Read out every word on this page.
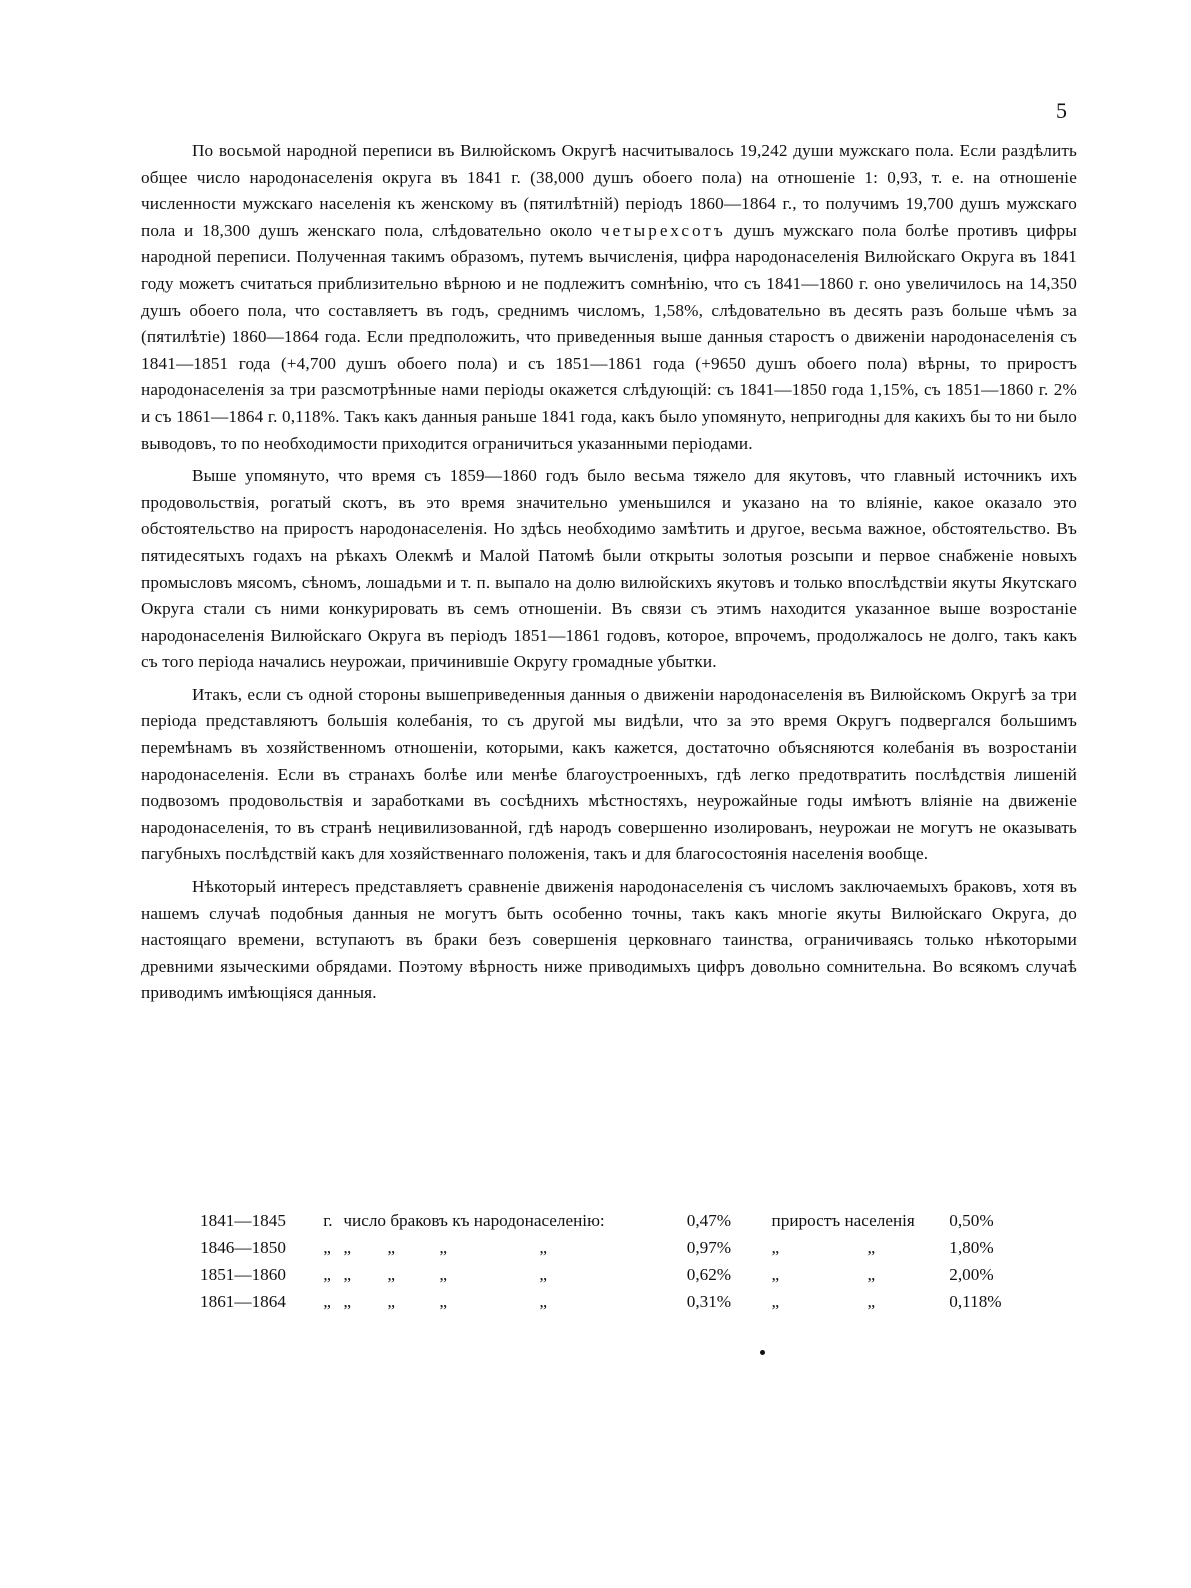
5

По восьмой народной переписи въ Вилюйскомъ Округѣ насчитывалось 19,242 души мужскаго пола. Если раздѣлить общее число народонаселенія округа въ 1841 г. (38,000 душъ обоего пола) на отношеніе 1: 0,93, т. е. на отношеніе численности мужскаго населенія къ женскому въ (пятилѣтній) періодъ 1860—1864 г., то получимъ 19,700 душъ мужскаго пола и 18,300 душъ женскаго пола, слѣдовательно около четырехсотъ душъ мужскаго пола болѣе противъ цифры народной переписи. Полученная такимъ образомъ, путемъ вычисленія, цифра народонаселенія Вилюйскаго Округа въ 1841 году можетъ считаться приблизительно вѣрною и не подлежитъ сомнѣнію, что съ 1841—1860 г. оно увеличилось на 14,350 душъ обоего пола, что составляетъ въ годъ, среднимъ числомъ, 1,58%, слѣдовательно въ десять разъ больше чѣмъ за (пятилѣтіе) 1860—1864 года. Если предположить, что приведенныя выше данныя старостъ о движеніи народонаселенія съ 1841—1851 года (+4,700 душъ обоего пола) и съ 1851—1861 года (+9650 душъ обоего пола) вѣрны, то приростъ народонаселенія за три разсмотрѣнные нами періоды окажется слѣдующій: съ 1841—1850 года 1,15%, съ 1851—1860 г. 2% и съ 1861—1864 г. 0,118%. Такъ какъ данныя раньше 1841 года, какъ было упомянуто, непригодны для какихъ бы то ни было выводовъ, то по необходимости приходится ограничиться указанными періодами.

Выше упомянуто, что время съ 1859—1860 годъ было весьма тяжело для якутовъ, что главный источникъ ихъ продовольствія, рогатый скотъ, въ это время значительно уменьшился и указано на то вліяніе, какое оказало это обстоятельство на приростъ народонаселенія. Но здѣсь необходимо замѣтить и другое, весьма важное, обстоятельство. Въ пятидесятыхъ годахъ на рѣкахъ Олекмѣ и Малой Патомѣ были открыты золотыя розсыпи и первое снабженіе новыхъ промысловъ мясомъ, сѣномъ, лошадьми и т. п. выпало на долю вилюйскихъ якутовъ и только впослѣдствіи якуты Якутскаго Округа стали съ ними конкурировать въ семъ отношеніи. Въ связи съ этимъ находится указанное выше возростаніе народонаселенія Вилюйскаго Округа въ періодъ 1851—1861 годовъ, которое, впрочемъ, продолжалось не долго, такъ какъ съ того періода начались неурожаи, причинившіе Округу громадные убытки.

Итакъ, если съ одной стороны вышеприведенныя данныя о движеніи народонаселенія въ Вилюйскомъ Округѣ за три періода представляютъ большія колебанія, то съ другой мы видѣли, что за это время Округъ подвергался большимъ перемѣнамъ въ хозяйственномъ отношеніи, которыми, какъ кажется, достаточно объясняются колебанія въ возростаніи народонаселенія. Если въ странахъ болѣе или менѣе благоустроенныхъ, гдѣ легко предотвратить послѣдствія лишеній подвозомъ продовольствія и заработками въ сосѣднихъ мѣстностяхъ, неурожайные годы имѣютъ вліяніе на движеніе народонаселенія, то въ странѣ нецивилизованной, гдѣ народъ совершенно изолированъ, неурожаи не могутъ не оказывать пагубныхъ послѣдствій какъ для хозяйственнаго положенія, такъ и для благосостоянія населенія вообще.

Нѣкоторый интересъ представляетъ сравненіе движенія народонаселенія съ числомъ заключаемыхъ браковъ, хотя въ нашемъ случаѣ подобныя данныя не могутъ быть особенно точны, такъ какъ многіе якуты Вилюйскаго Округа, до настоящаго времени, вступаютъ въ браки безъ совершенія церковнаго таинства, ограничиваясь только нѣкоторыми древними языческими обрядами. Поэтому вѣрность ниже приводимыхъ цифръ довольно сомнительна. Во всякомъ случаѣ приводимъ имѣющіяся данныя.

1841—1845	г.	число браковъ къ народонаселенію:	0,47%	приростъ населенія	0,50%
1846—1850	„	„ „ „ „	0,97%	„ „	1,80%
1851—1860	„	„ „ „ „	0,62%	„ „	2,00%
1861—1864	„	„ „ „ „	0,31%	„ „	0,118%
